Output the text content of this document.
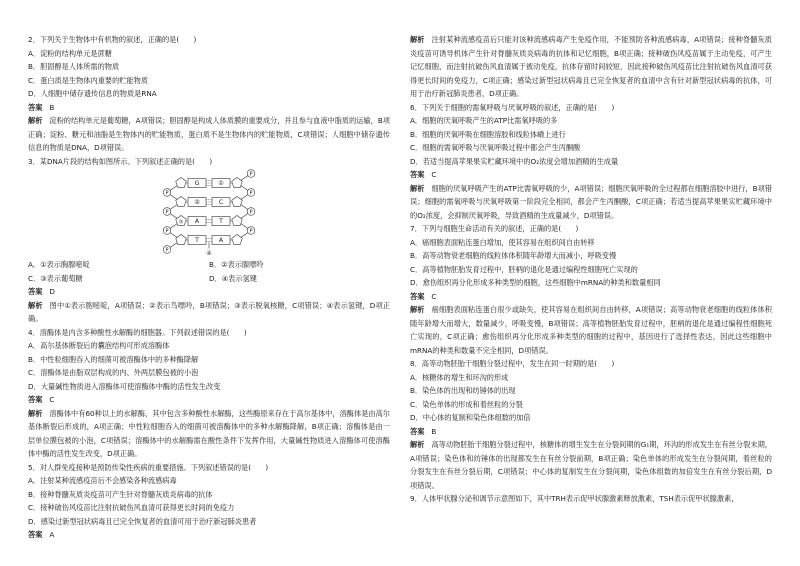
2．下列关于生物体中有机物的叙述，正确的是(　　)

A．淀粉的结构单元是蔗糖

B．胆固醇是人体所需的物质

C．蛋白质是生物体内重要的贮能物质

D．人细胞中储存遗传信息的物质是RNA

答案 B

解析 淀粉的结构单元是葡萄糖，A项错误；胆固醇是构成人体质膜的重要成分，并且参与血液中脂质的运输，B项正确；淀粉、糖元和油脂是生物体内的贮能物质，蛋白质不是生物体内的贮能物质，C项错误；人细胞中储存遗传信息的物质是DNA，D项错误。

3．某DNA片段的结构如图所示。下列叙述正确的是(　　)

P
P
P
P
P
P
P
P
G	①
②	C
A	T
T	A
③
④

A．①表示胸腺嘧啶	B．②表示腺嘌呤

C．③表示葡萄糖	D．④表示氢键

答案 D

解析 图中①表示胞嘧啶，A项错误；②表示鸟嘌呤，B项错误；③表示脱氧核糖，C项错误；④表示氢键，D项正确。

4．溶酶体是内含多种酸性水解酶的细胞器。下列叙述错误的是(　　)

A．高尔基体断裂后的囊泡结构可形成溶酶体

B．中性粒细胞吞入的细菌可被溶酶体中的多种酶降解

C．溶酶体是由脂双层构成的内、外两层膜包被的小泡

D．大量碱性物质进入溶酶体可使溶酶体中酶的活性发生改变

答案 C

解析 溶酶体中有60种以上的水解酶，其中包含多种酸性水解酶，这些酶原来存在于高尔基体中，溶酶体是由高尔基体断裂后形成的，A项正确；中性粒细胞吞入的细菌可被溶酶体中的多种水解酶降解，B项正确；溶酶体是由一层单位膜包被的小泡，C项错误；溶酶体中的水解酶需在酸性条件下发挥作用，大量碱性物质进入溶酶体可使溶酶体中酶的活性发生改变，D项正确。

5．对人群免疫接种是预防传染性疾病的重要措施。下列叙述错误的是(　　)

A．注射某种流感疫苗后不会感染各种流感病毒

B．接种脊髓灰质炎疫苗可产生针对脊髓灰质炎病毒的抗体

C．接种破伤风疫苗比注射抗破伤风血清可获得更长时间的免疫力

D．感染过新型冠状病毒且已完全恢复者的血清可用于治疗新冠肺炎患者

答案 A

解析 注射某种流感疫苗后只能对该种流感病毒产生免疫作用，不能预防各种流感病毒，A项错误；接种脊髓灰质炎疫苗可诱导机体产生针对脊髓灰质炎病毒的抗体和记忆细胞，B项正确；接种破伤风疫苗属于主动免疫，可产生记忆细胞，而注射抗破伤风血清属于被动免疫，抗体存留时间较短，因此接种破伤风疫苗比注射抗破伤风血清可获得更长时间的免疫力，C项正确；感染过新型冠状病毒且已完全恢复者的血清中含有针对新型冠状病毒的抗体，可用于治疗新冠肺炎患者，D项正确。

6．下列关于细胞的需氧呼吸与厌氧呼吸的叙述，正确的是(　　)

A．细胞的厌氧呼吸产生的ATP比需氧呼吸的多

B．细胞的厌氧呼吸在细胞溶胶和线粒体嵴上进行

C．细胞的需氧呼吸与厌氧呼吸过程中都会产生丙酮酸

D．若适当提高苹果果实贮藏环境中的O₂浓度会增加酒精的生成量

答案 C

解析 细胞的厌氧呼吸产生的ATP比需氧呼吸的少，A项错误；细胞厌氧呼吸的全过程都在细胞溶胶中进行，B项错误；细胞的需氧呼吸与厌氧呼吸第一阶段完全相同，都会产生丙酮酸，C项正确；若适当提高苹果果实贮藏环境中的O₂浓度，会抑制厌氧呼吸，导致酒精的生成量减少，D项错误。

7．下列与细胞生命活动有关的叙述，正确的是(　　)

A．癌细胞表面粘连蛋白增加，使其容易在组织间自由转移

B．高等动物衰老细胞的线粒体体积随年龄增大而减小，呼吸变慢

C．高等植物胚胎发育过程中，胚柄的退化是通过编程性细胞死亡实现的

D．愈伤组织再分化形成多种类型的细胞，这些细胞中mRNA的种类和数量相同

答案 C

解析 癌细胞表面粘连蛋白很少或缺失，使其容易在组织间自由转移，A项错误；高等动物衰老细胞的线粒体体积随年龄增大而增大，数量减少，呼吸变慢，B项错误；高等植物胚胎发育过程中，胚柄的退化是通过编程性细胞死亡实现的，C项正确；愈伤组织再分化形成多种类型的细胞的过程中，基因进行了选择性表达，因此这些细胞中mRNA的种类和数量不完全相同，D项错误。

8．高等动物胚胎干细胞分裂过程中，发生在同一时期的是(　　)

A．核糖体的增生和环沟的形成

B．染色体的出现和纺锤体的出现

C．染色单体的形成和着丝粒的分裂

D．中心体的复制和染色体组数的加倍

答案 B

解析 高等动物胚胎干细胞分裂过程中，核糖体的增生发生在分裂间期的G₁期，环沟的形成发生在有丝分裂末期，A项错误；染色体和纺锤体的出现都发生在有丝分裂前期，B项正确；染色单体的形成发生在分裂间期，着丝粒的分裂发生在有丝分裂后期，C项错误；中心体的复制发生在分裂间期，染色体组数的加倍发生在有丝分裂后期，D项错误。

9．人体甲状腺分泌和调节示意图如下，其中TRH表示促甲状腺激素释放激素，TSH表示促甲状腺激素，
